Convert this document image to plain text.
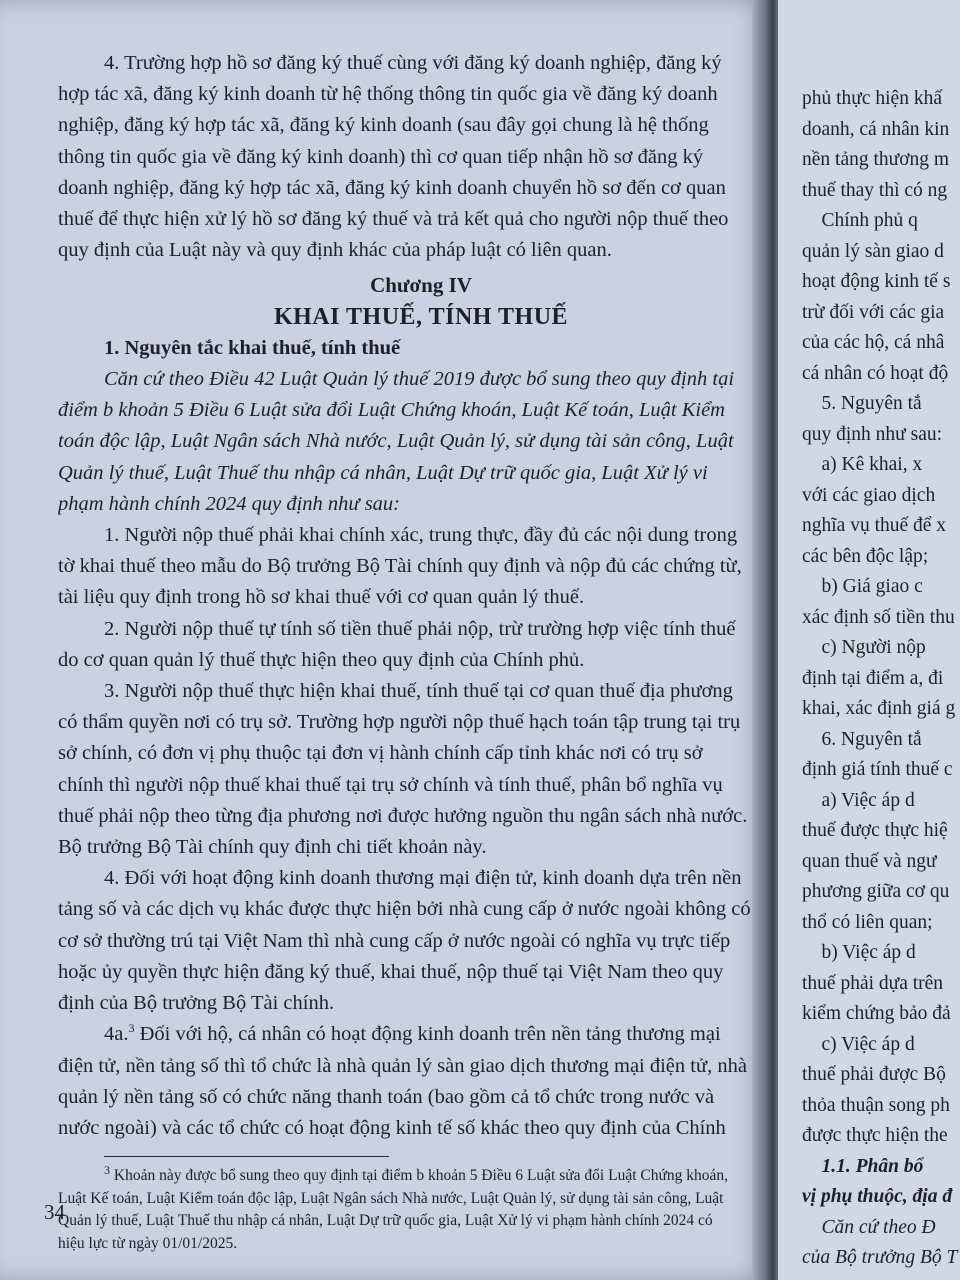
4. Trường hợp hồ sơ đăng ký thuế cùng với đăng ký doanh nghiệp, đăng ký
hợp tác xã, đăng ký kinh doanh từ hệ thống thông tin quốc gia về đăng ký doanh
nghiệp, đăng ký hợp tác xã, đăng ký kinh doanh (sau đây gọi chung là hệ thống
thông tin quốc gia về đăng ký kinh doanh) thì cơ quan tiếp nhận hồ sơ đăng ký
doanh nghiệp, đăng ký hợp tác xã, đăng ký kinh doanh chuyển hồ sơ đến cơ quan
thuế để thực hiện xử lý hồ sơ đăng ký thuế và trả kết quả cho người nộp thuế theo
quy định của Luật này và quy định khác của pháp luật có liên quan.

Chương IV

KHAI THUẾ, TÍNH THUẾ

1. Nguyên tắc khai thuế, tính thuế

Căn cứ theo Điều 42 Luật Quản lý thuế 2019 được bổ sung theo quy định tại
điểm b khoản 5 Điều 6 Luật sửa đổi Luật Chứng khoán, Luật Kế toán, Luật Kiểm
toán độc lập, Luật Ngân sách Nhà nước, Luật Quản lý, sử dụng tài sản công, Luật
Quản lý thuế, Luật Thuế thu nhập cá nhân, Luật Dự trữ quốc gia, Luật Xử lý vi
phạm hành chính 2024 quy định như sau:

1. Người nộp thuế phải khai chính xác, trung thực, đầy đủ các nội dung trong
tờ khai thuế theo mẫu do Bộ trưởng Bộ Tài chính quy định và nộp đủ các chứng từ,
tài liệu quy định trong hồ sơ khai thuế với cơ quan quản lý thuế.

2. Người nộp thuế tự tính số tiền thuế phải nộp, trừ trường hợp việc tính thuế
do cơ quan quản lý thuế thực hiện theo quy định của Chính phủ.

3. Người nộp thuế thực hiện khai thuế, tính thuế tại cơ quan thuế địa phương
có thẩm quyền nơi có trụ sở. Trường hợp người nộp thuế hạch toán tập trung tại trụ
sở chính, có đơn vị phụ thuộc tại đơn vị hành chính cấp tỉnh khác nơi có trụ sở
chính thì người nộp thuế khai thuế tại trụ sở chính và tính thuế, phân bổ nghĩa vụ
thuế phải nộp theo từng địa phương nơi được hưởng nguồn thu ngân sách nhà nước.
Bộ trưởng Bộ Tài chính quy định chi tiết khoản này.

4. Đối với hoạt động kinh doanh thương mại điện tử, kinh doanh dựa trên nền
tảng số và các dịch vụ khác được thực hiện bởi nhà cung cấp ở nước ngoài không có
cơ sở thường trú tại Việt Nam thì nhà cung cấp ở nước ngoài có nghĩa vụ trực tiếp
hoặc ủy quyền thực hiện đăng ký thuế, khai thuế, nộp thuế tại Việt Nam theo quy
định của Bộ trưởng Bộ Tài chính.

4a.$^3$ Đối với hộ, cá nhân có hoạt động kinh doanh trên nền tảng thương mại
điện tử, nền tảng số thì tổ chức là nhà quản lý sàn giao dịch thương mại điện tử, nhà
quản lý nền tảng số có chức năng thanh toán (bao gồm cả tổ chức trong nước và
nước ngoài) và các tổ chức có hoạt động kinh tế số khác theo quy định của Chính

$^3$ Khoản này được bổ sung theo quy định tại điểm b khoản 5 Điều 6 Luật sửa đổi Luật Chứng khoán,
Luật Kế toán, Luật Kiểm toán độc lập, Luật Ngân sách Nhà nước, Luật Quản lý, sử dụng tài sản công, Luật
Quản lý thuế, Luật Thuế thu nhập cá nhân, Luật Dự trữ quốc gia, Luật Xử lý vi phạm hành chính 2024 có
hiệu lực từ ngày 01/01/2025.

34
phủ thực hiện khấ
doanh, cá nhân kin
nền tảng thương m
thuế thay thì có ng
Chính phủ q
quản lý sàn giao d
hoạt động kinh tế s
trừ đối với các gia
của các hộ, cá nhâ
cá nhân có hoạt độ
5. Nguyên tắ
quy định như sau:
a) Kê khai, x
với các giao dịch
nghĩa vụ thuế để x
các bên độc lập;
b) Giá giao c
xác định số tiền thu
c) Người nộp
định tại điểm a, đi
khai, xác định giá g
6. Nguyên tắ
định giá tính thuế c
a) Việc áp d
thuế được thực hiệ
quan thuế và ngư
phương giữa cơ qu
thổ có liên quan;
b) Việc áp d
thuế phải dựa trên
kiểm chứng bảo đả
c) Việc áp d
thuế phải được Bộ
thỏa thuận song ph
được thực hiện the
1.1. Phân bổ
vị phụ thuộc, địa đ
Căn cứ theo Đ
của Bộ trưởng Bộ T
